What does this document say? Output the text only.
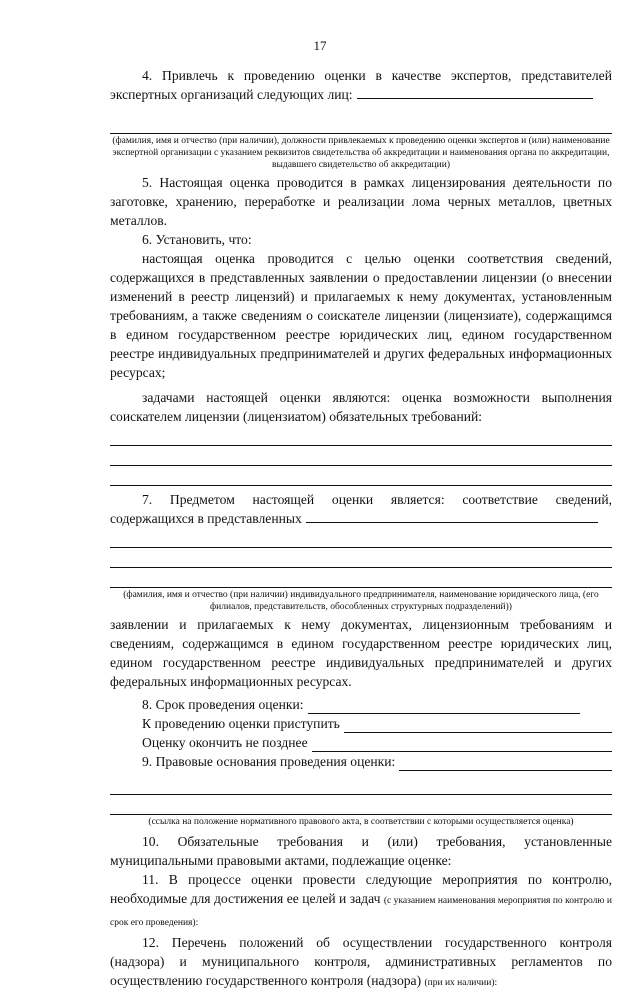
17

4. Привлечь к проведению оценки в качестве экспертов, представителей экспертных организаций следующих лиц:

(фамилия, имя и отчество (при наличии), должности привлекаемых к проведению оценки экспертов и (или) наименование экспертной организации с указанием реквизитов свидетельства об аккредитации и наименования органа по аккредитации, выдавшего свидетельство об аккредитации)

5. Настоящая оценка проводится в рамках лицензирования деятельности по заготовке, хранению, переработке и реализации лома черных металлов, цветных металлов.

6. Установить, что:

настоящая оценка проводится с целью оценки соответствия сведений, содержащихся в представленных заявлении о предоставлении лицензии (о внесении изменений в реестр лицензий) и прилагаемых к нему документах, установленным требованиям, а также сведениям о соискателе лицензии (лицензиате), содержащимся в едином государственном реестре юридических лиц, едином государственном реестре индивидуальных предпринимателей и других федеральных информационных ресурсах;

задачами настоящей оценки являются: оценка возможности выполнения соискателем лицензии (лицензиатом) обязательных требований:

7. Предметом настоящей оценки является: соответствие сведений, содержащихся в представленных

(фамилия, имя и отчество (при наличии) индивидуального предпринимателя, наименование юридического лица, (его филиалов, представительств, обособленных структурных подразделений))

заявлении и прилагаемых к нему документах, лицензионным требованиям и сведениям, содержащимся в едином государственном реестре юридических лиц, едином государственном реестре индивидуальных предпринимателей и других федеральных информационных ресурсах.

8. Срок проведения оценки:
К проведению оценки приступить
Оценку окончить не позднее
9. Правовые основания проведения оценки:
(ссылка на положение нормативного правового акта, в соответствии с которыми осуществляется оценка)

10. Обязательные требования и (или) требования, установленные муниципальными правовыми актами, подлежащие оценке:

11. В процессе оценки провести следующие мероприятия по контролю, необходимые для достижения ее целей и задач (с указанием наименования мероприятия по контролю и срок его проведения):

12. Перечень положений об осуществлении государственного контроля (надзора) и муниципального контроля, административных регламентов по осуществлению государственного контроля (надзора) (при их наличии):
